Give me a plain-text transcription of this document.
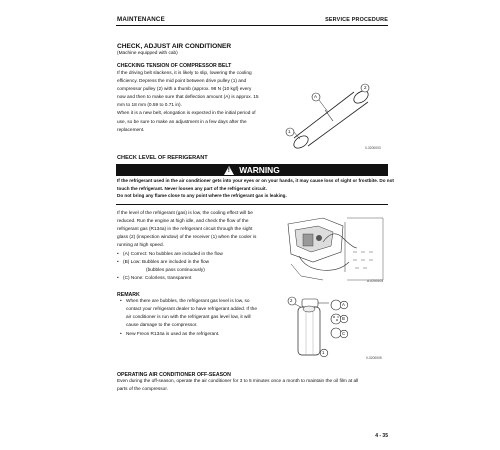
MAINTENANCE	SERVICE PROCEDURE
CHECK, ADJUST AIR CONDITIONER
(Machine equipped with cab)
CHECKING TENSION OF COMPRESSOR BELT
If the driving belt slackens, it is likely to slip, lowering the cooling
efficiency. Depress the mid point between drive pulley (1) and
compressor pulley (2) with a thumb (approx. 98 N {10 kgf} every
now and then to make sure that deflection amount (A) is approx. 15
mm to 18 mm (0.59 to 0.71 in).
When it is a new belt, elongation is expected in the initial period of
use, so be sure to make an adjustment in a few days after the
replacement.
A
2
1
0-3200003
CHECK LEVEL OF REFRIGERANT
!
WARNING
If the refrigerant used in the air conditioner gets into your eyes or on your hands, it may cause loss of sight or frostbite. Do not
touch the refrigerant. Never loosen any part of the refrigerant circuit.
Do not bring any flame close to any point where the refrigerant gas is leaking.
If the level of the refrigerant (gas) is low, the cooling effect will be
reduced. Run the engine at high idle, and check the flow of the
refrigerant gas (R134a) in the refrigerant circuit through the sight
glass (2) (inspection window) of the receiver (1) when the cooler is
running at high speed.
• (A) Correct: No bubbles are included in the flow
• (B) Low: Bubbles are included in the flow
(bubbles pass continuously)
• (C) None: Colorless, transparent	A-0200103
REMARK
• When there are bubbles, the refrigerant gas level is low, so
contact your refrigerant dealer to have refrigerant added. If the
air conditioner is run with the refrigerant gas level low, it will
cause damage to the compressor.
• New Freon R134a is used as the refrigerant.
2
A
B
C
1
0-3200005
OPERATING AIR CONDITIONER OFF-SEASON
Even during the off-season, operate the air conditioner for 3 to 5 minutes once a month to maintain the oil film at all
parts of the compressor.
4 - 35
